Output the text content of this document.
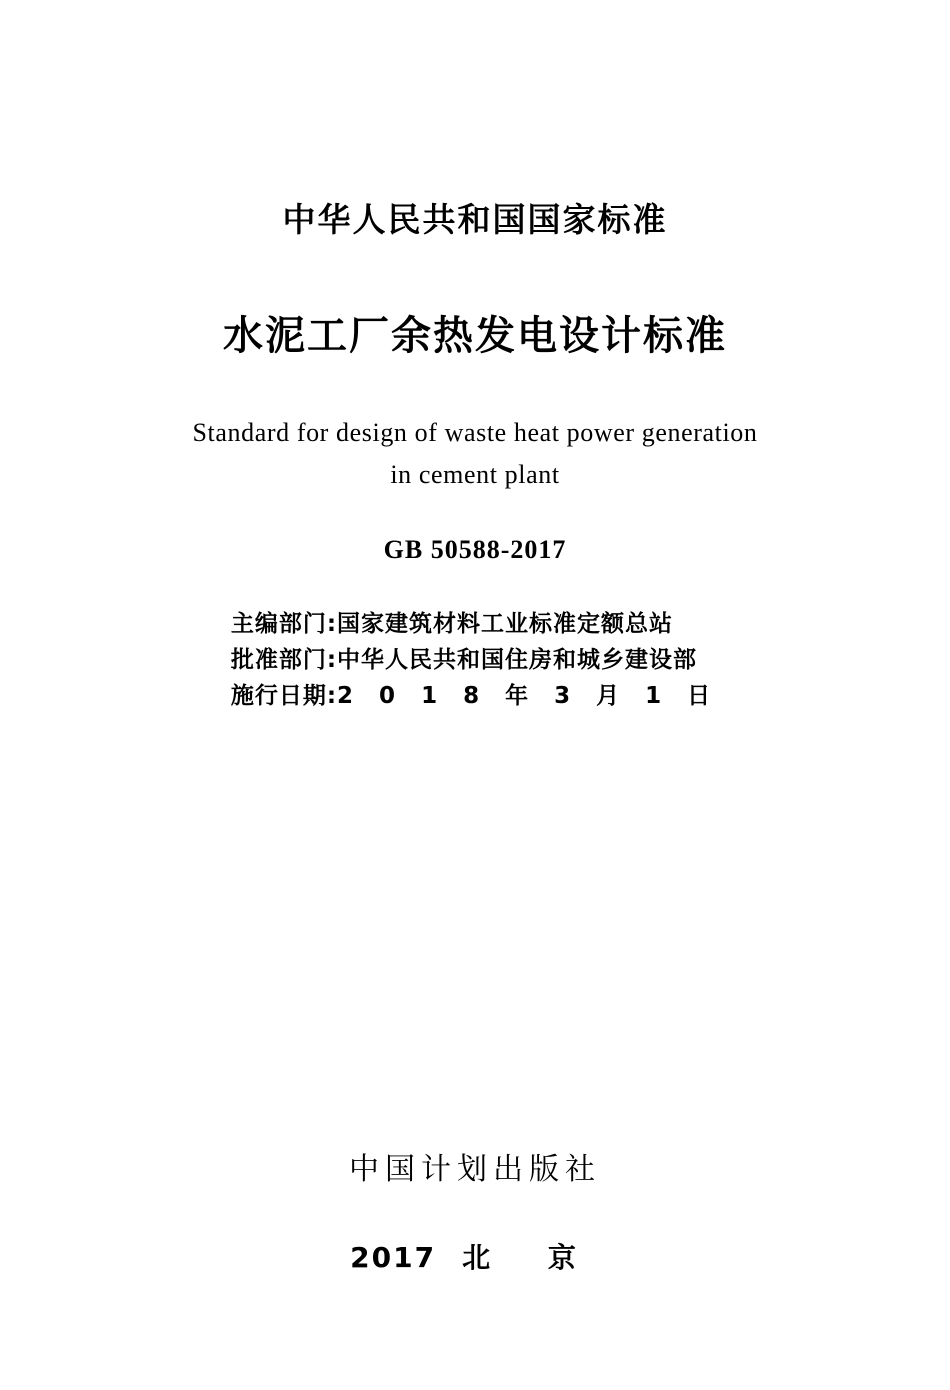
中华人民共和国国家标准
水泥工厂余热发电设计标准
Standard for design of waste heat power generation
in cement plant
GB 50588-2017
主编部门:国家建筑材料工业标准定额总站
批准部门:中华人民共和国住房和城乡建设部
施行日期:2 0 1 8 年 3 月 1 日
中国计划出版社
2017 北 京
